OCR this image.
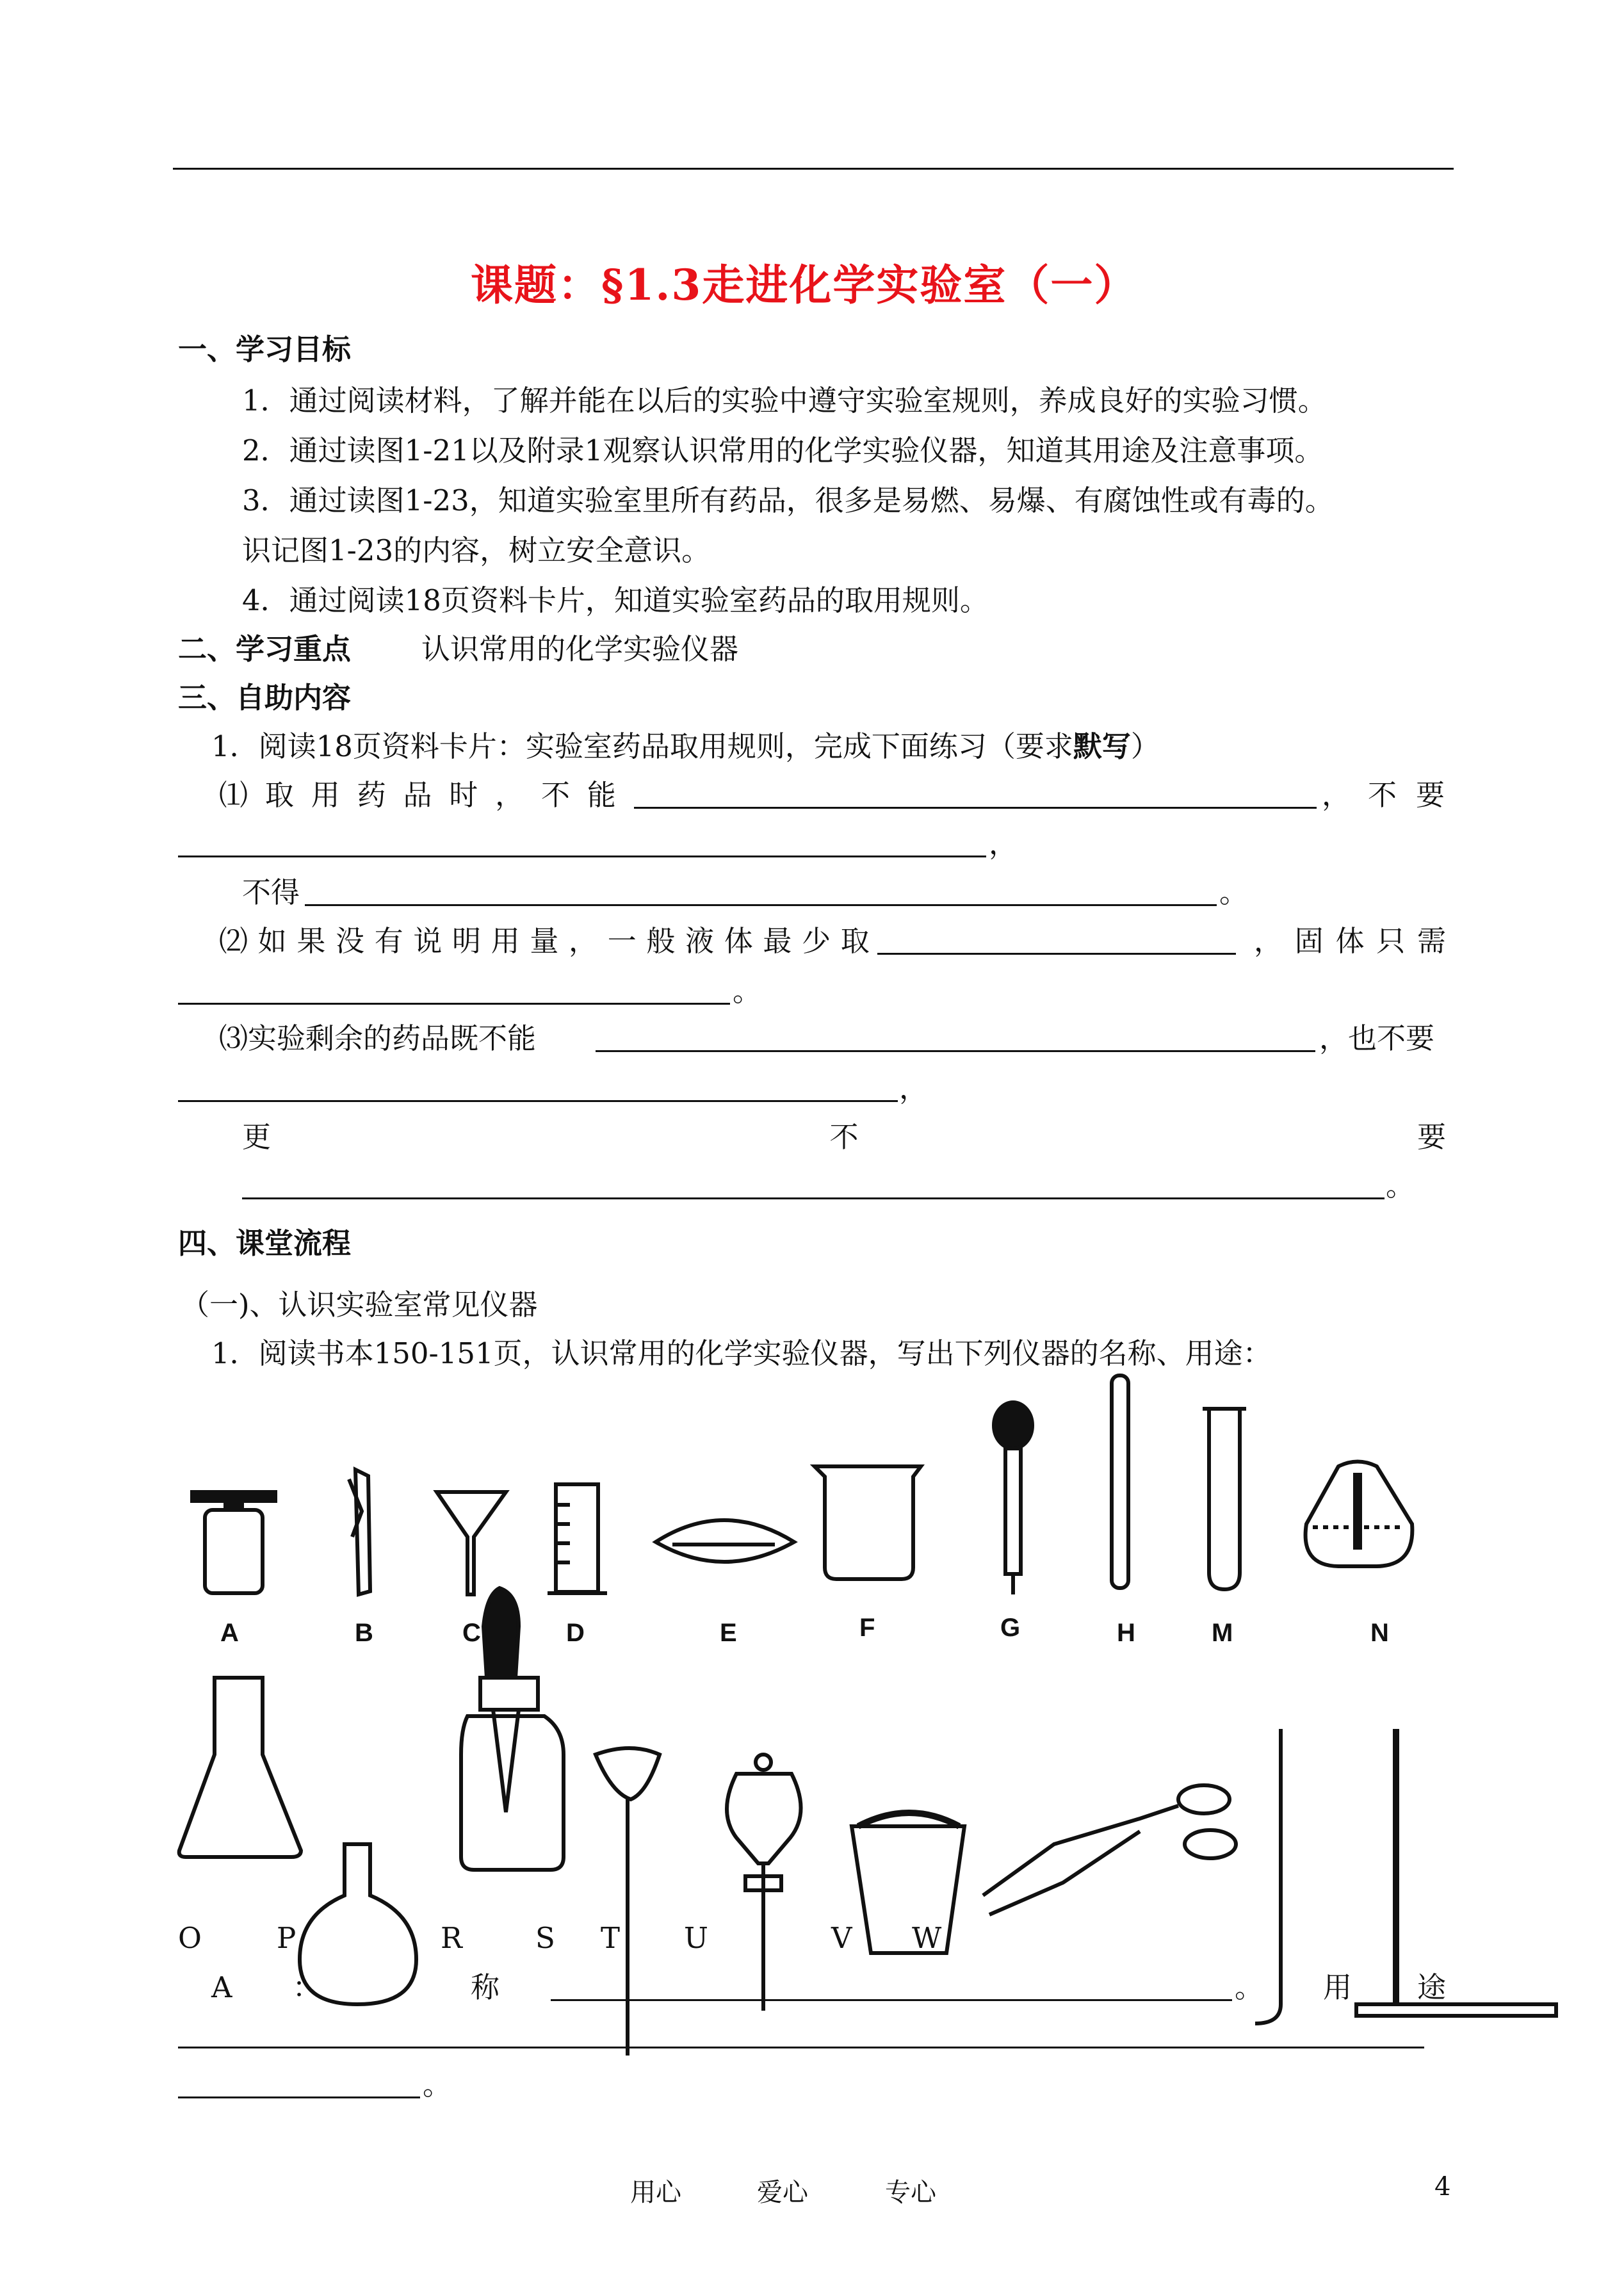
课题：§1.3走进化学实验室（一）
一、学习目标
1．通过阅读材料，了解并能在以后的实验中遵守实验室规则，养成良好的实验习惯。
2．通过读图1-21以及附录1观察认识常用的化学实验仪器，知道其用途及注意事项。
3．通过读图1-23，知道实验室里所有药品，很多是易燃、易爆、有腐蚀性或有毒的。
识记图1-23的内容，树立安全意识。
4．通过阅读18页资料卡片，知道实验室药品的取用规则。
二、学习重点 认识常用的化学实验仪器
三、自助内容
1．阅读18页资料卡片：实验室药品取用规则，完成下面练习（要求默写）
⑴ 取 用 药 品 时 ， 不 能	， 不 要
，
不得	。
⑵ 如 果 没 有 说 明 用 量 ， 一 般 液 体 最 少 取	， 固 体 只 需
。
⑶实验剩余的药品既不能	，也不要
，
更	不	要
。
四、课堂流程
（一)、认识实验室常见仪器
1．阅读书本150-151页，认识常用的化学实验仪器，写出下列仪器的名称、用途：
A	B	C	D	E	F	G	H	M	N
O	P	R	S T U	V W
A ：	称	。 用 途
。
用心	爱心	专心	4
